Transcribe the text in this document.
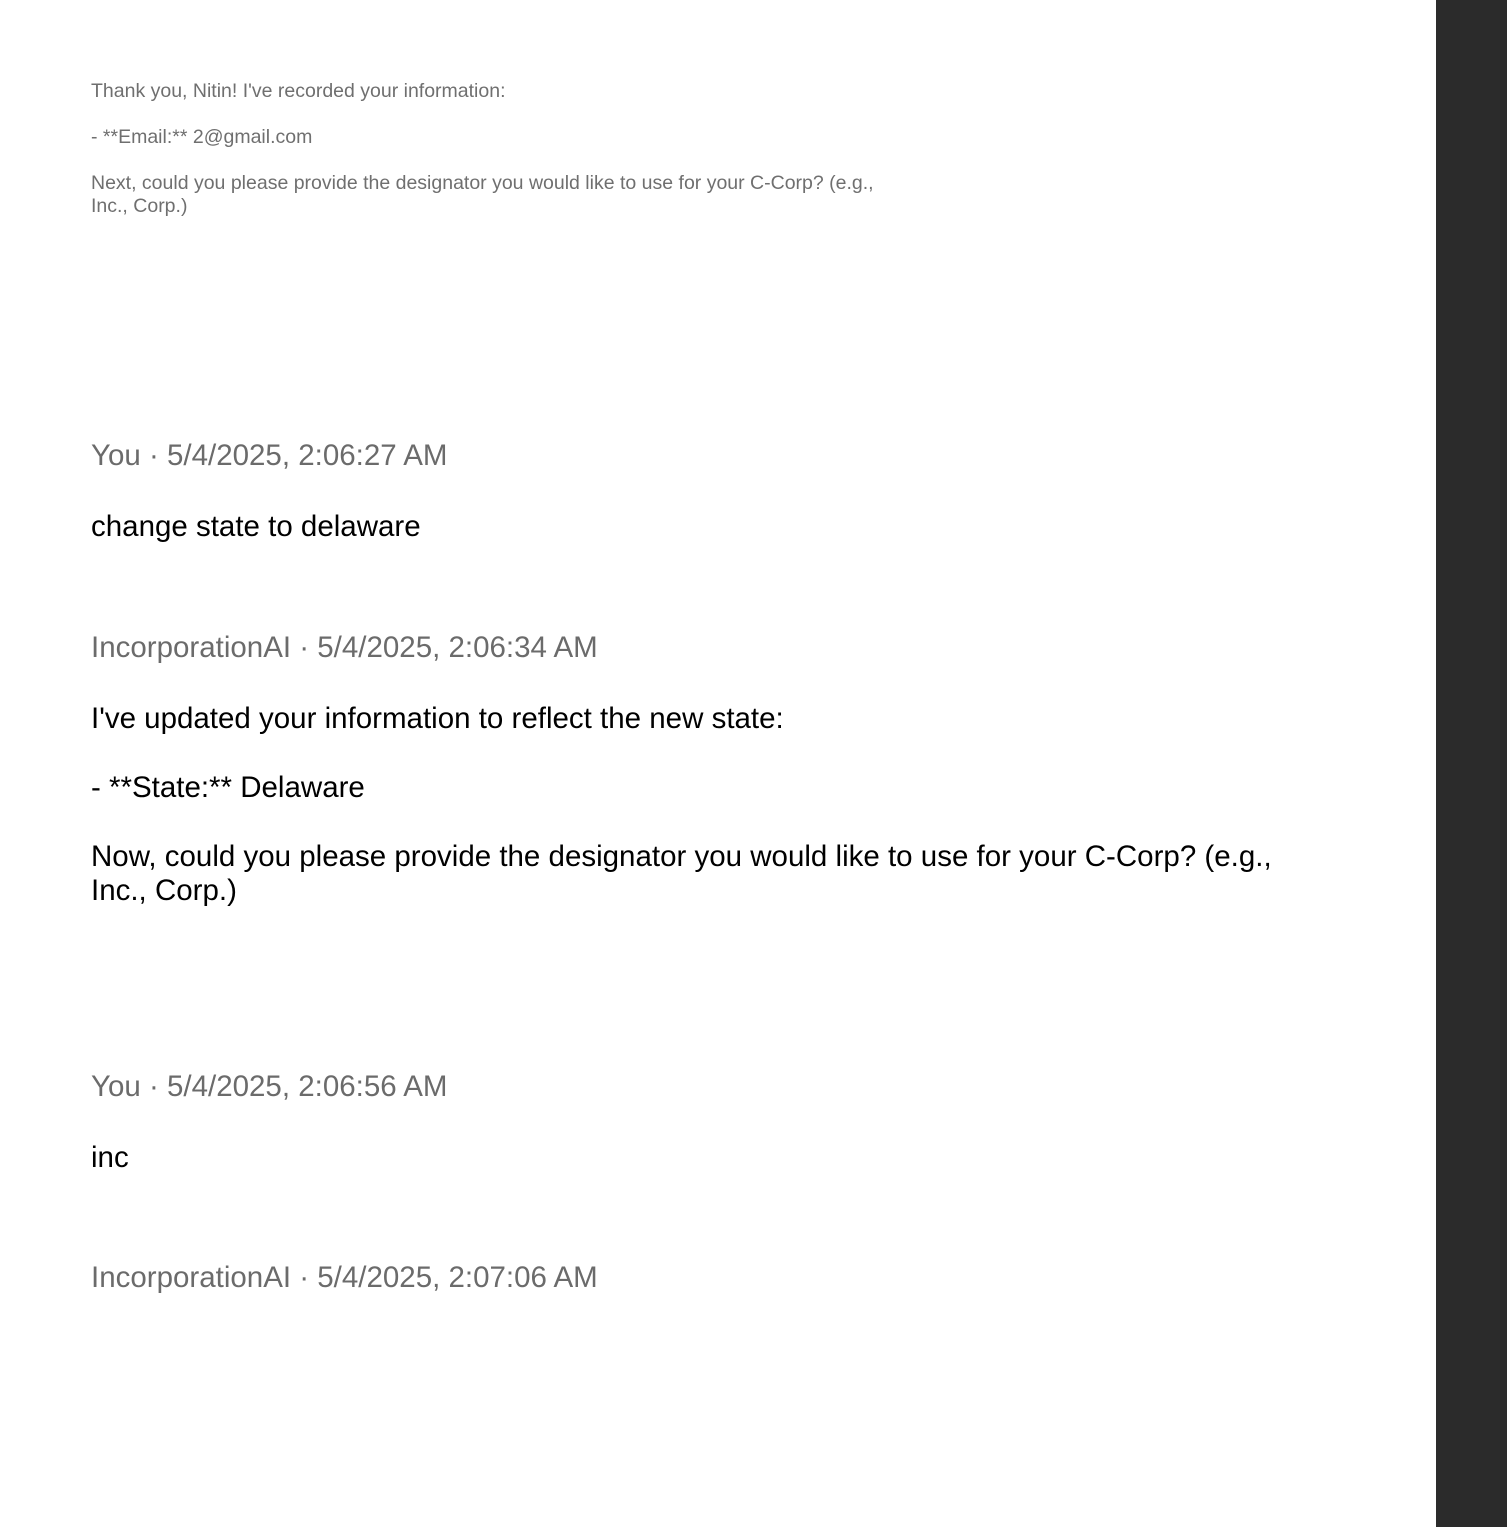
Thank you, Nitin! I've recorded your information:

- **Email:** 2@gmail.com

Next, could you please provide the designator you would like to use for your C-Corp? (e.g., Inc., Corp.)

You · 5/4/2025, 2:06:27 AM

change state to delaware

IncorporationAI · 5/4/2025, 2:06:34 AM

I've updated your information to reflect the new state:

- **State:** Delaware

Now, could you please provide the designator you would like to use for your C-Corp? (e.g., Inc., Corp.)

You · 5/4/2025, 2:06:56 AM

inc

IncorporationAI · 5/4/2025, 2:07:06 AM
